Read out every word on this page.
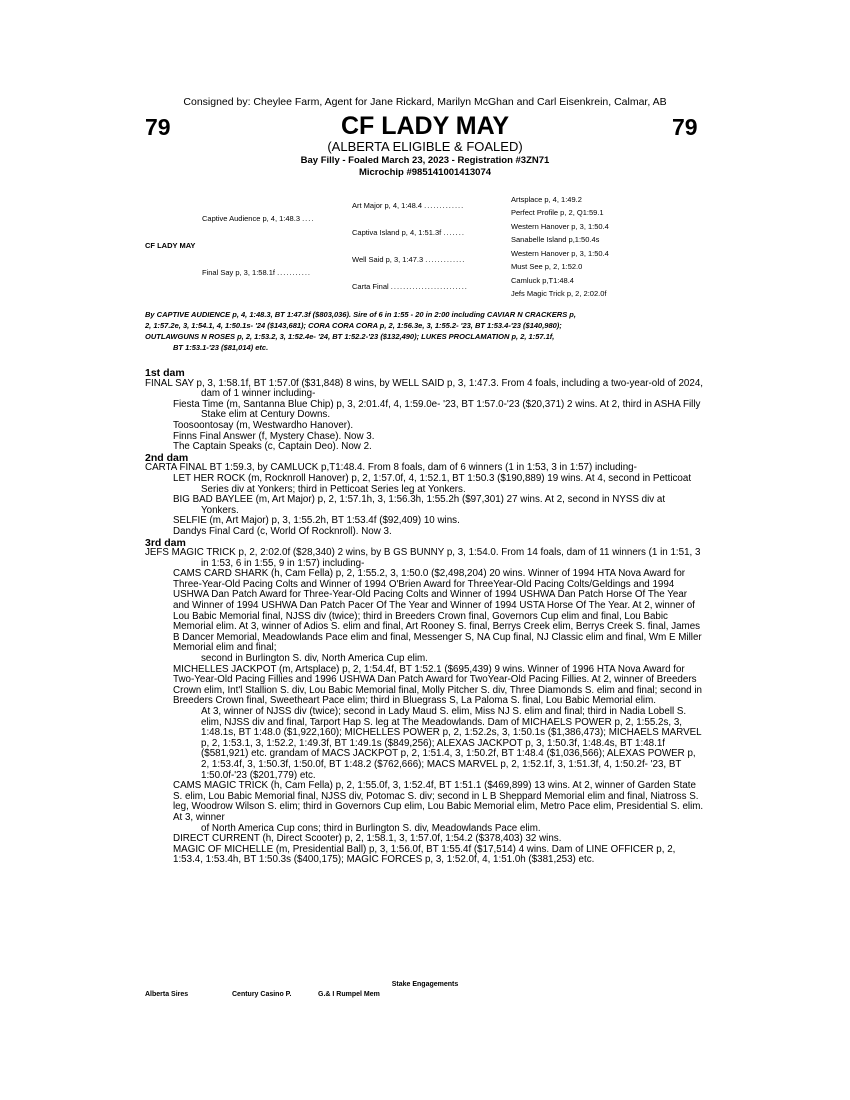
Consigned by: Cheylee Farm, Agent for Jane Rickard, Marilyn McGhan and Carl Eisenkrein, Calmar, AB
79	CF LADY MAY	79
(ALBERTA ELIGIBLE & FOALED)
Bay Filly - Foaled March 23, 2023 - Registration #3ZN71
Microchip #985141001413074
CF LADY MAY
Captive Audience p, 4, 1:48.3 ....
Final Say p, 3, 1:58.1f ...........
Art Major p, 4, 1:48.4 .............
Captiva Island p, 4, 1:51.3f .......
Well Said p, 3, 1:47.3 .............
Carta Final .........................
Artsplace p, 4, 1:49.2
Perfect Profile p, 2, Q1:59.1
Western Hanover p, 3, 1:50.4
Sanabelle Island p,1:50.4s
Western Hanover p, 3, 1:50.4
Must See p, 2, 1:52.0
Camluck p,T1:48.4
Jefs Magic Trick p, 2, 2:02.0f

By CAPTIVE AUDIENCE p, 4, 1:48.3, BT 1:47.3f ($803,036). Sire of 6 in 1:55 - 20 in 2:00 including CAVIAR N CRACKERS p,

2, 1:57.2e, 3, 1:54.1, 4, 1:50.1s- '24 ($143,681); CORA CORA CORA p, 2, 1:56.3e, 3, 1:55.2- '23, BT 1:53.4-'23 ($140,980);

OUTLAWGUNS N ROSES p, 2, 1:53.2, 3, 1:52.4e- '24, BT 1:52.2-'23 ($132,490); LUKES PROCLAMATION p, 2, 1:57.1f,

BT 1:53.1-'23 ($81,014) etc.

1st dam

FINAL SAY p, 3, 1:58.1f, BT 1:57.0f ($31,848) 8 wins, by WELL SAID p, 3, 1:47.3. From 4 foals, including a two-year-old of 2024, dam of 1 winner including-

Fiesta Time (m, Santanna Blue Chip) p, 3, 2:01.4f, 4, 1:59.0e- '23, BT 1:57.0-'23 ($20,371) 2 wins. At 2, third in ASHA Filly Stake elim at Century Downs.

Toosoontosay (m, Westwardho Hanover).

Finns Final Answer (f, Mystery Chase). Now 3.

The Captain Speaks (c, Captain Deo). Now 2.

2nd dam

CARTA FINAL BT 1:59.3, by CAMLUCK p,T1:48.4. From 8 foals, dam of 6 winners (1 in 1:53, 3 in 1:57) including-

LET HER ROCK (m, Rocknroll Hanover) p, 2, 1:57.0f, 4, 1:52.1, BT 1:50.3 ($190,889) 19 wins. At 4, second in Petticoat Series div at Yonkers; third in Petticoat Series leg at Yonkers.

BIG BAD BAYLEE (m, Art Major) p, 2, 1:57.1h, 3, 1:56.3h, 1:55.2h ($97,301) 27 wins. At 2, second in NYSS div at Yonkers.

SELFIE (m, Art Major) p, 3, 1:55.2h, BT 1:53.4f ($92,409) 10 wins.

Dandys Final Card (c, World Of Rocknroll). Now 3.

3rd dam

JEFS MAGIC TRICK p, 2, 2:02.0f ($28,340) 2 wins, by B GS BUNNY p, 3, 1:54.0. From 14 foals, dam of 11 winners (1 in 1:51, 3 in 1:53, 6 in 1:55, 9 in 1:57) including-

CAMS CARD SHARK (h, Cam Fella) p, 2, 1:55.2, 3, 1:50.0 ($2,498,204) 20 wins. Winner of 1994 HTA Nova Award for Three-Year-Old Pacing Colts and Winner of 1994 O'Brien Award for ThreeYear-Old Pacing Colts/Geldings and 1994 USHWA Dan Patch Award for Three-Year-Old Pacing Colts and Winner of 1994 USHWA Dan Patch Horse Of The Year and Winner of 1994 USHWA Dan Patch Pacer Of The Year and Winner of 1994 USTA Horse Of The Year. At 2, winner of Lou Babic Memorial final, NJSS div (twice); third in Breeders Crown final, Governors Cup elim and final, Lou Babic Memorial elim. At 3, winner of Adios S. elim and final, Art Rooney S. final, Berrys Creek elim, Berrys Creek S. final, James B Dancer Memorial, Meadowlands Pace elim and final, Messenger S, NA Cup final, NJ Classic elim and final, Wm E Miller Memorial elim and final;

second in Burlington S. div, North America Cup elim.

MICHELLES JACKPOT (m, Artsplace) p, 2, 1:54.4f, BT 1:52.1 ($695,439) 9 wins. Winner of 1996 HTA Nova Award for Two-Year-Old Pacing Fillies and 1996 USHWA Dan Patch Award for TwoYear-Old Pacing Fillies. At 2, winner of Breeders Crown elim, Int'l Stallion S. div, Lou Babic Memorial final, Molly Pitcher S. div, Three Diamonds S. elim and final; second in Breeders Crown final, Sweetheart Pace elim; third in Bluegrass S, La Paloma S. final, Lou Babic Memorial elim.

At 3, winner of NJSS div (twice); second in Lady Maud S. elim, Miss NJ S. elim and final; third in Nadia Lobell S. elim, NJSS div and final, Tarport Hap S. leg at The Meadowlands. Dam of MICHAELS POWER p, 2, 1:55.2s, 3, 1:48.1s, BT 1:48.0 ($1,922,160); MICHELLES POWER p, 2, 1:52.2s, 3, 1:50.1s ($1,386,473); MICHAELS MARVEL p, 2, 1:53.1, 3, 1:52.2, 1:49.3f, BT 1:49.1s ($849,256); ALEXAS JACKPOT p, 3, 1:50.3f, 1:48.4s, BT 1:48.1f ($581,921) etc. grandam of MACS JACKPOT p, 2, 1:51.4, 3, 1:50.2f, BT 1:48.4 ($1,036,566); ALEXAS POWER p, 2, 1:53.4f, 3, 1:50.3f, 1:50.0f, BT 1:48.2 ($762,666); MACS MARVEL p, 2, 1:52.1f, 3, 1:51.3f, 4, 1:50.2f- '23, BT 1:50.0f-'23 ($201,779) etc.

CAMS MAGIC TRICK (h, Cam Fella) p, 2, 1:55.0f, 3, 1:52.4f, BT 1:51.1 ($469,899) 13 wins. At 2, winner of Garden State S. elim, Lou Babic Memorial final, NJSS div, Potomac S. div; second in L B Sheppard Memorial elim and final, Niatross S. leg, Woodrow Wilson S. elim; third in Governors Cup elim, Lou Babic Memorial elim, Metro Pace elim, Presidential S. elim. At 3, winner

of North America Cup cons; third in Burlington S. div, Meadowlands Pace elim.

DIRECT CURRENT (h, Direct Scooter) p, 2, 1:58.1, 3, 1:57.0f, 1:54.2 ($378,403) 32 wins.

MAGIC OF MICHELLE (m, Presidential Ball) p, 3, 1:56.0f, BT 1:55.4f ($17,514) 4 wins. Dam of LINE OFFICER p, 2, 1:53.4, 1:53.4h, BT 1:50.3s ($400,175); MAGIC FORCES p, 3, 1:52.0f, 4, 1:51.0h ($381,253) etc.

Stake Engagements
Alberta Sires	Century Casino P.	G.& I Rumpel Mem
